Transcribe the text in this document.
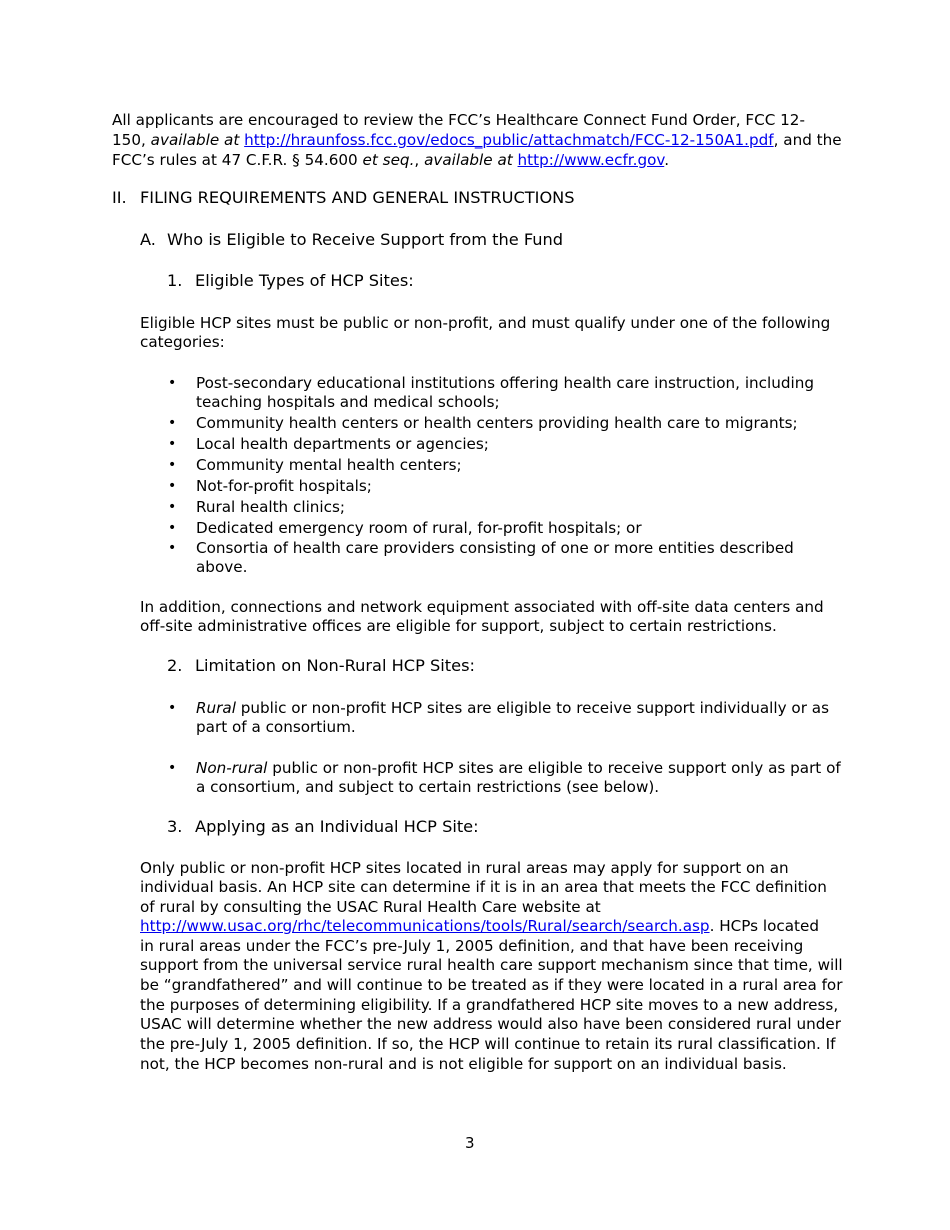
All applicants are encouraged to review the FCC’s Healthcare Connect Fund Order, FCC 12-
150, available at http://hraunfoss.fcc.gov/edocs_public/attachmatch/FCC-12-150A1.pdf, and the
FCC’s rules at 47 C.F.R. § 54.600 et seq., available at http://www.ecfr.gov.
II. FILING REQUIREMENTS AND GENERAL INSTRUCTIONS
A. Who is Eligible to Receive Support from the Fund
1. Eligible Types of HCP Sites:
Eligible HCP sites must be public or non-profit, and must qualify under one of the following
categories:
• Post-secondary educational institutions offering health care instruction, including
teaching hospitals and medical schools;
• Community health centers or health centers providing health care to migrants;
• Local health departments or agencies;
• Community mental health centers;
• Not-for-profit hospitals;
• Rural health clinics;
• Dedicated emergency room of rural, for-profit hospitals; or
• Consortia of health care providers consisting of one or more entities described
above.
In addition, connections and network equipment associated with off-site data centers and
off-site administrative offices are eligible for support, subject to certain restrictions.
2. Limitation on Non-Rural HCP Sites:
• Rural public or non-profit HCP sites are eligible to receive support individually or as
part of a consortium.
• Non-rural public or non-profit HCP sites are eligible to receive support only as part of
a consortium, and subject to certain restrictions (see below).
3. Applying as an Individual HCP Site:
Only public or non-profit HCP sites located in rural areas may apply for support on an
individual basis. An HCP site can determine if it is in an area that meets the FCC definition
of rural by consulting the USAC Rural Health Care website at
http://www.usac.org/rhc/telecommunications/tools/Rural/search/search.asp. HCPs located
in rural areas under the FCC’s pre-July 1, 2005 definition, and that have been receiving
support from the universal service rural health care support mechanism since that time, will
be “grandfathered” and will continue to be treated as if they were located in a rural area for
the purposes of determining eligibility. If a grandfathered HCP site moves to a new address,
USAC will determine whether the new address would also have been considered rural under
the pre-July 1, 2005 definition. If so, the HCP will continue to retain its rural classification. If
not, the HCP becomes non-rural and is not eligible for support on an individual basis.
3
